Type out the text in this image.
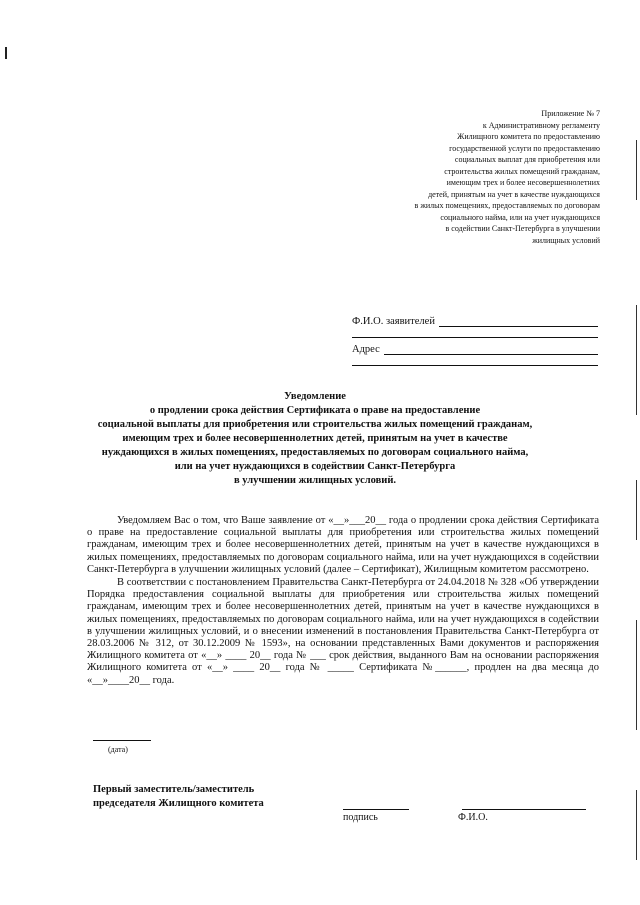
Приложение № 7
к Административному регламенту
Жилищного комитета по предоставлению
государственной услуги по предоставлению
социальных выплат для приобретения или
строительства жилых помещений гражданам,
имеющим трех и более несовершеннолетних
детей, принятым на учет в качестве нуждающихся
в жилых помещениях, предоставляемых по договорам
социального найма, или на учет нуждающихся
в содействии Санкт-Петербурга в улучшении
жилищных условий
Ф.И.О. заявителей
Адрес
Уведомление
о продлении срока действия Сертификата о праве на предоставление
социальной выплаты для приобретения или строительства жилых помещений гражданам,
имеющим трех и более несовершеннолетних детей, принятым на учет в качестве
нуждающихся в жилых помещениях, предоставляемых по договорам социального найма,
или на учет нуждающихся в содействии Санкт-Петербурга
в улучшении жилищных условий.

Уведомляем Вас о том, что Ваше заявление от «__»___20__ года о продлении срока действия Сертификата о праве на предоставление социальной выплаты для приобретения или строительства жилых помещений гражданам, имеющим трех и более несовершеннолетних детей, принятым на учет в качестве нуждающихся в жилых помещениях, предоставляемых по договорам социального найма, или на учет нуждающихся в содействии Санкт-Петербурга в улучшении жилищных условий (далее – Сертификат), Жилищным комитетом рассмотрено.

В соответствии с постановлением Правительства Санкт-Петербурга от 24.04.2018 № 328 «Об утверждении Порядка предоставления социальной выплаты для приобретения или строительства жилых помещений гражданам, имеющим трех и более несовершеннолетних детей, принятым на учет в качестве нуждающихся в жилых помещениях, предоставляемых по договорам социального найма, или на учет нуждающихся в содействии в улучшении жилищных условий, и о внесении изменений в постановления Правительства Санкт-Петербурга от 28.03.2006 № 312, от 30.12.2009 № 1593», на основании представленных Вами документов и распоряжения Жилищного комитета от «__» ____ 20__ года № ___ срок действия, выданного Вам на основании распоряжения Жилищного комитета от «__» ____ 20__ года № _____ Сертификата №______, продлен на два месяца до «__»____20__ года.

(дата)
Первый заместитель/заместитель
председателя Жилищного комитета
подпись	Ф.И.О.
